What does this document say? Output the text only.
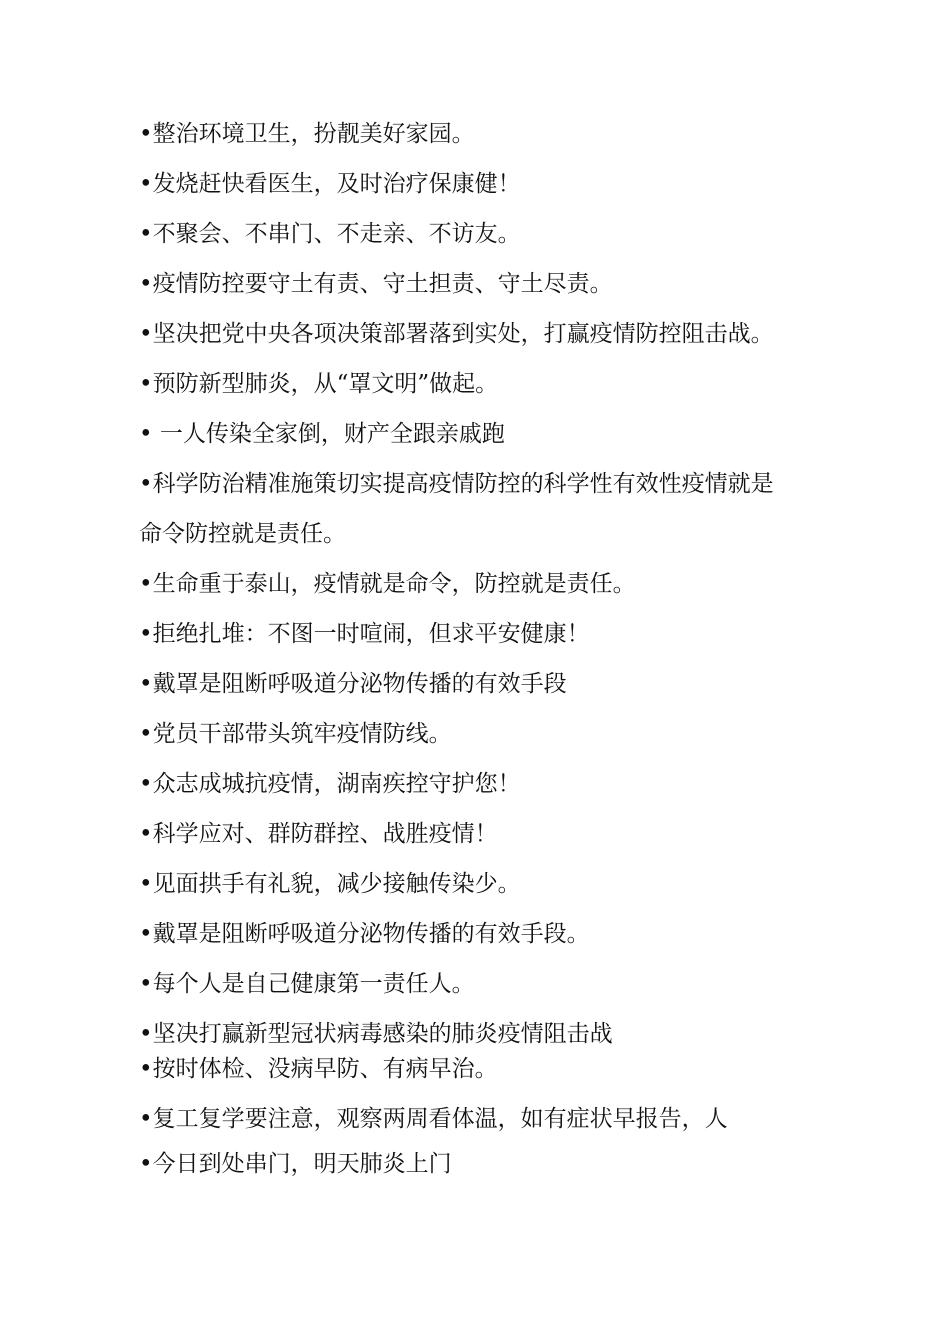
•整治环境卫生，扮靓美好家园。
•发烧赶快看医生，及时治疗保康健！
•不聚会、不串门、不走亲、不访友。
•疫情防控要守土有责、守土担责、守土尽责。
•坚决把党中央各项决策部署落到实处，打赢疫情防控阻击战。
•预防新型肺炎，从“罩文明”做起。
• 一人传染全家倒，财产全跟亲戚跑
•科学防治精准施策切实提高疫情防控的科学性有效性疫情就是
命令防控就是责任。
•生命重于泰山，疫情就是命令，防控就是责任。
•拒绝扎堆：不图一时喧闹，但求平安健康！
•戴罩是阻断呼吸道分泌物传播的有效手段
•党员干部带头筑牢疫情防线。
•众志成城抗疫情，湖南疾控守护您！
•科学应对、群防群控、战胜疫情！
•见面拱手有礼貌，减少接触传染少。
•戴罩是阻断呼吸道分泌物传播的有效手段。
•每个人是自己健康第一责任人。
•坚决打赢新型冠状病毒感染的肺炎疫情阻击战
•按时体检、没病早防、有病早治。
•复工复学要注意，观察两周看体温，如有症状早报告，人
•今日到处串门，明天肺炎上门
